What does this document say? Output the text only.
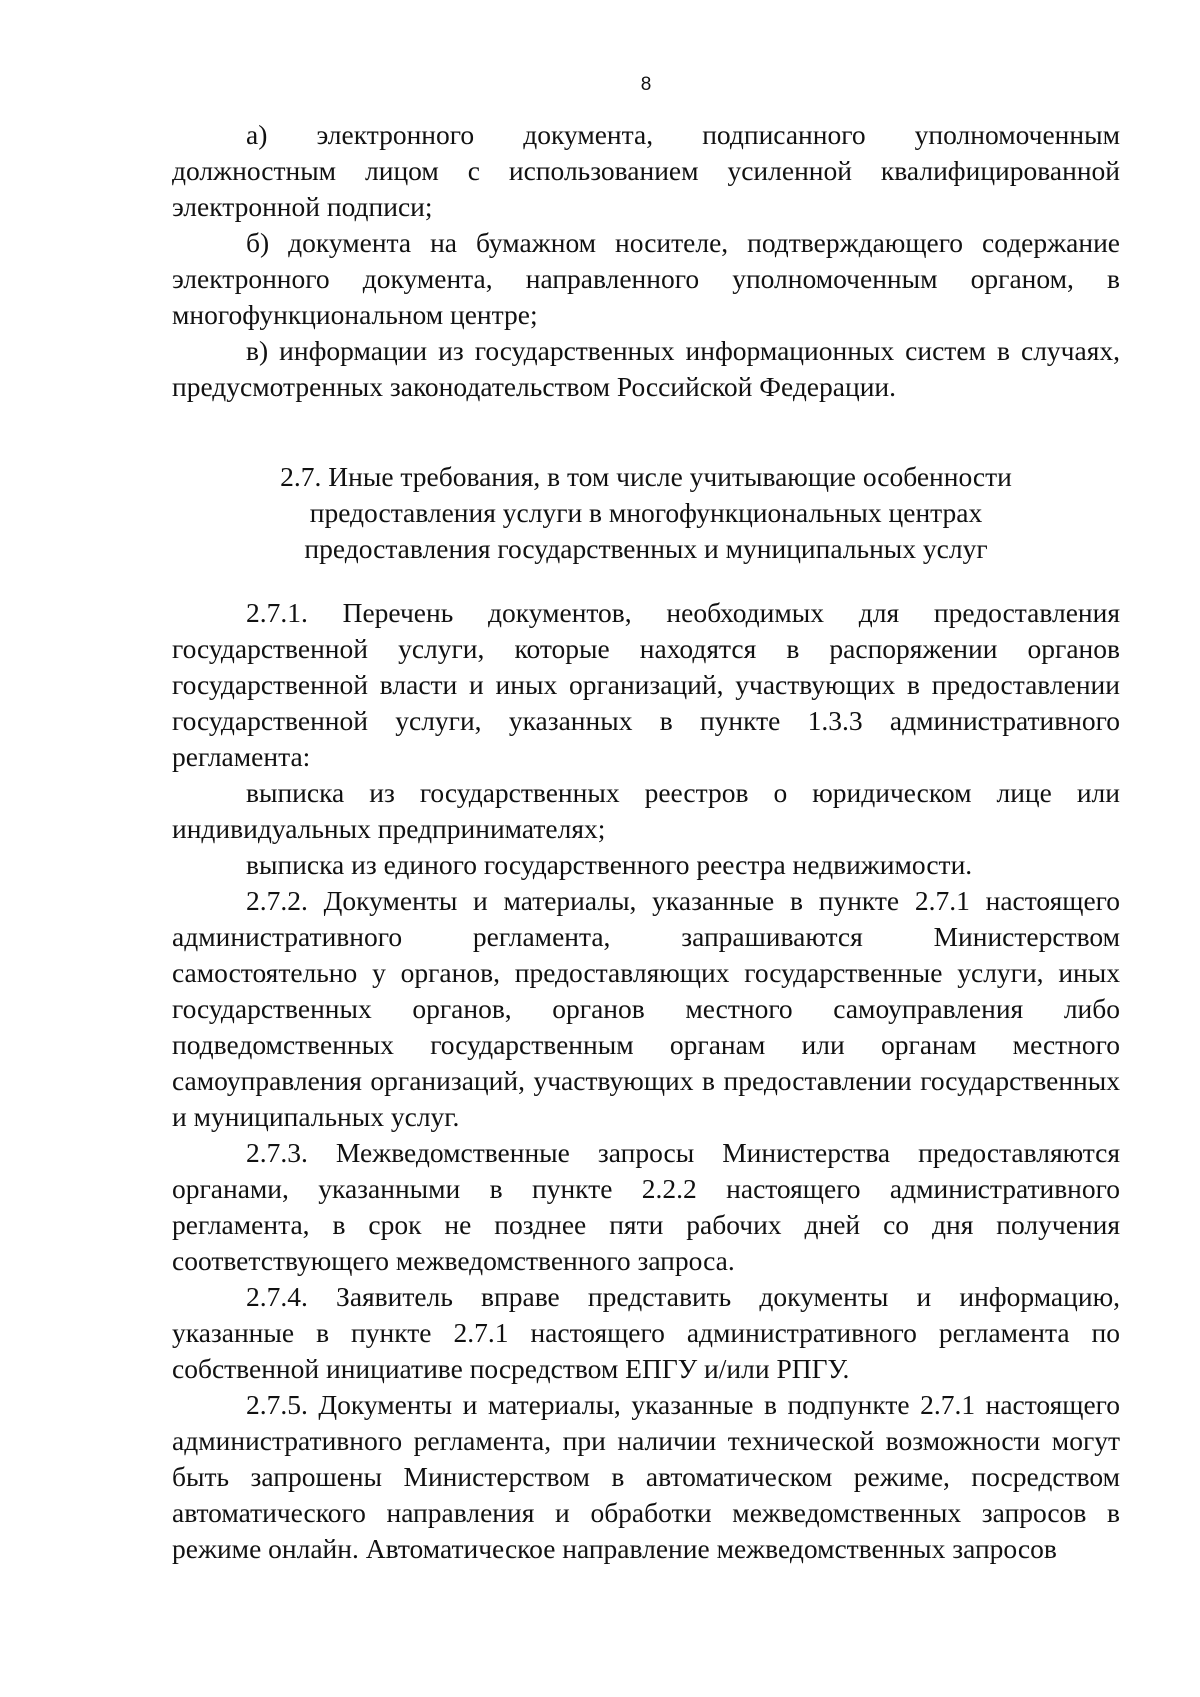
8

а) электронного документа, подписанного уполномоченным должностным лицом с использованием усиленной квалифицированной электронной подписи;

б) документа на бумажном носителе, подтверждающего содержание электронного документа, направленного уполномоченным органом, в многофункциональном центре;

в) информации из государственных информационных систем в случаях, предусмотренных законодательством Российской Федерации.

2.7. Иные требования, в том числе учитывающие особенности
предоставления услуги в многофункциональных центрах
предоставления государственных и муниципальных услуг

2.7.1. Перечень документов, необходимых для предоставления государственной услуги, которые находятся в распоряжении органов государственной власти и иных организаций, участвующих в предоставлении государственной услуги, указанных в пункте 1.3.3 административного регламента:

выписка из государственных реестров о юридическом лице или индивидуальных предпринимателях;

выписка из единого государственного реестра недвижимости.

2.7.2. Документы и материалы, указанные в пункте 2.7.1 настоящего административного регламента, запрашиваются Министерством самостоятельно у органов, предоставляющих государственные услуги, иных государственных органов, органов местного самоуправления либо подведомственных государственным органам или органам местного самоуправления организаций, участвующих в предоставлении государственных и муниципальных услуг.

2.7.3. Межведомственные запросы Министерства предоставляются органами, указанными в пункте 2.2.2 настоящего административного регламента, в срок не позднее пяти рабочих дней со дня получения соответствующего межведомственного запроса.

2.7.4. Заявитель вправе представить документы и информацию, указанные в пункте 2.7.1 настоящего административного регламента по собственной инициативе посредством ЕПГУ и/или РПГУ.

2.7.5. Документы и материалы, указанные в подпункте 2.7.1 настоящего административного регламента, при наличии технической возможности могут быть запрошены Министерством в автоматическом режиме, посредством автоматического направления и обработки межведомственных запросов в режиме онлайн. Автоматическое направление межведомственных запросов
